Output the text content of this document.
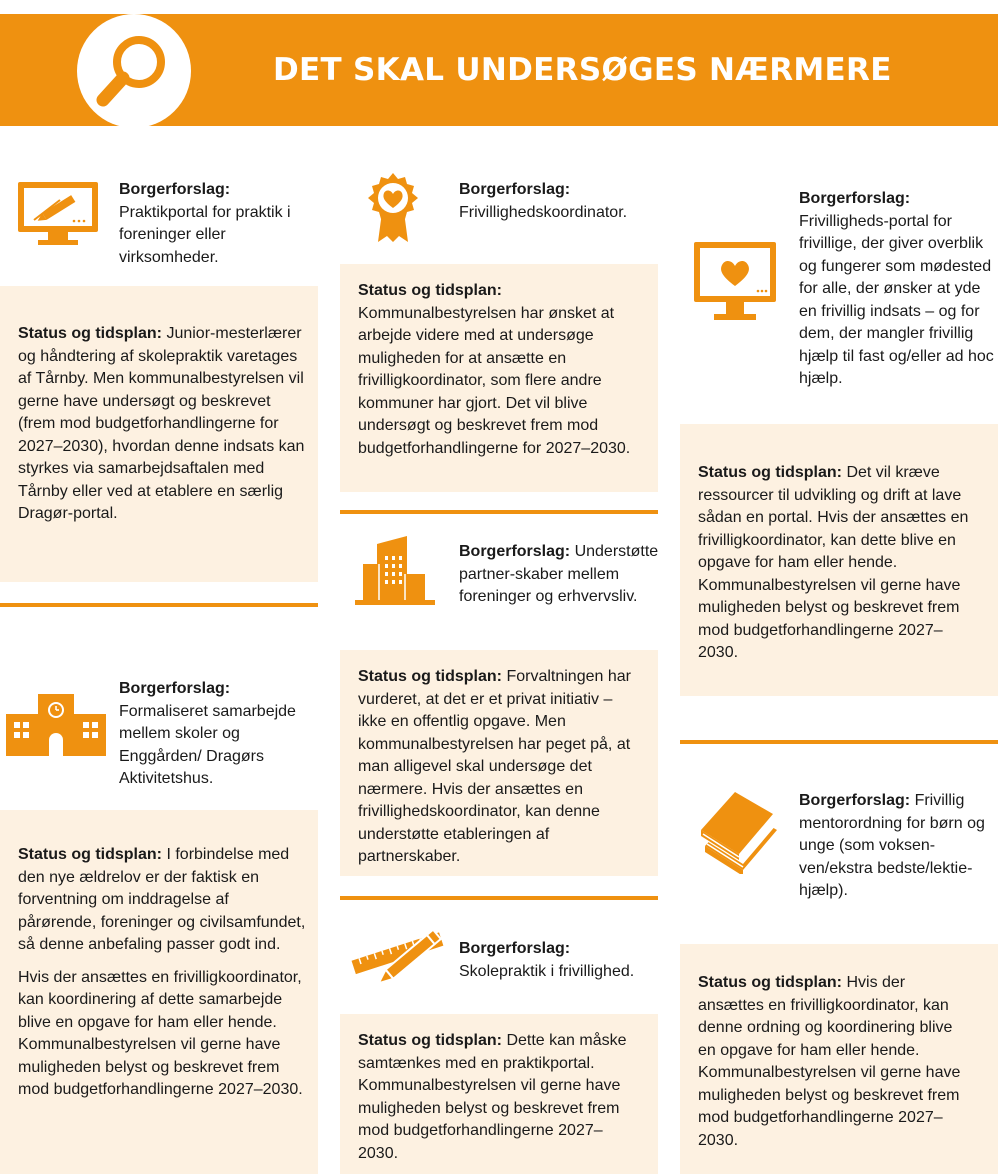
DET SKAL UNDERSØGES NÆRMERE
Borgerforslag:
Praktikportal for praktik i foreninger eller virksomheder.
Status og tidsplan: Junior-mesterlærer og håndtering af skolepraktik varetages af Tårnby. Men kommunalbestyrelsen vil gerne have undersøgt og beskrevet (frem mod budgetforhandlingerne for 2027–2030), hvordan denne indsats kan styrkes via samarbejdsaftalen med Tårnby eller ved at etablere en særlig Dragør-portal.
Borgerforslag:
Formaliseret samarbejde mellem skoler og Enggården/ Dragørs Aktivitetshus.

Status og tidsplan: I forbindelse med den nye ældrelov er der faktisk en forventning om inddragelse af pårørende, foreninger og civilsamfundet, så denne anbefaling passer godt ind.

Hvis der ansættes en frivilligkoordinator, kan koordinering af dette samarbejde blive en opgave for ham eller hende. Kommunalbestyrelsen vil gerne have muligheden belyst og beskrevet frem mod budgetforhandlingerne 2027–2030.

Borgerforslag:
Frivillighedskoordinator.
Status og tidsplan: Kommunalbestyrelsen har ønsket at arbejde videre med at undersøge muligheden for at ansætte en frivilligkoordinator, som flere andre kommuner har gjort. Det vil blive undersøgt og beskrevet frem mod budgetforhandlingerne for 2027–2030.
Borgerforslag: Understøtte partner-skaber mellem foreninger og erhvervsliv.
Status og tidsplan: Forvaltningen har vurderet, at det er et privat initiativ – ikke en offentlig opgave. Men kommunalbestyrelsen har peget på, at man alligevel skal undersøge det nærmere. Hvis der ansættes en frivillighedskoordinator, kan denne understøtte etableringen af partnerskaber.
Borgerforslag: Skolepraktik i frivillighed.
Status og tidsplan: Dette kan måske samtænkes med en praktikportal. Kommunalbestyrelsen vil gerne have muligheden belyst og beskrevet frem mod budgetforhandlingerne 2027–2030.
Borgerforslag: Frivilligheds-portal for frivillige, der giver overblik og fungerer som mødested for alle, der ønsker at yde en frivillig indsats – og for dem, der mangler frivillig hjælp til fast og/eller ad hoc hjælp.
Status og tidsplan: Det vil kræve ressourcer til udvikling og drift at lave sådan en portal. Hvis der ansættes en frivilligkoordinator, kan dette blive en opgave for ham eller hende. Kommunalbestyrelsen vil gerne have muligheden belyst og beskrevet frem mod budgetforhandlingerne 2027–2030.
Borgerforslag: Frivillig mentorordning for børn og unge (som voksen-ven/ekstra bedste/lektie-hjælp).
Status og tidsplan: Hvis der ansættes en frivilligkoordinator, kan denne ordning og koordinering blive en opgave for ham eller hende. Kommunalbestyrelsen vil gerne have muligheden belyst og beskrevet frem mod budgetforhandlingerne 2027–2030.
